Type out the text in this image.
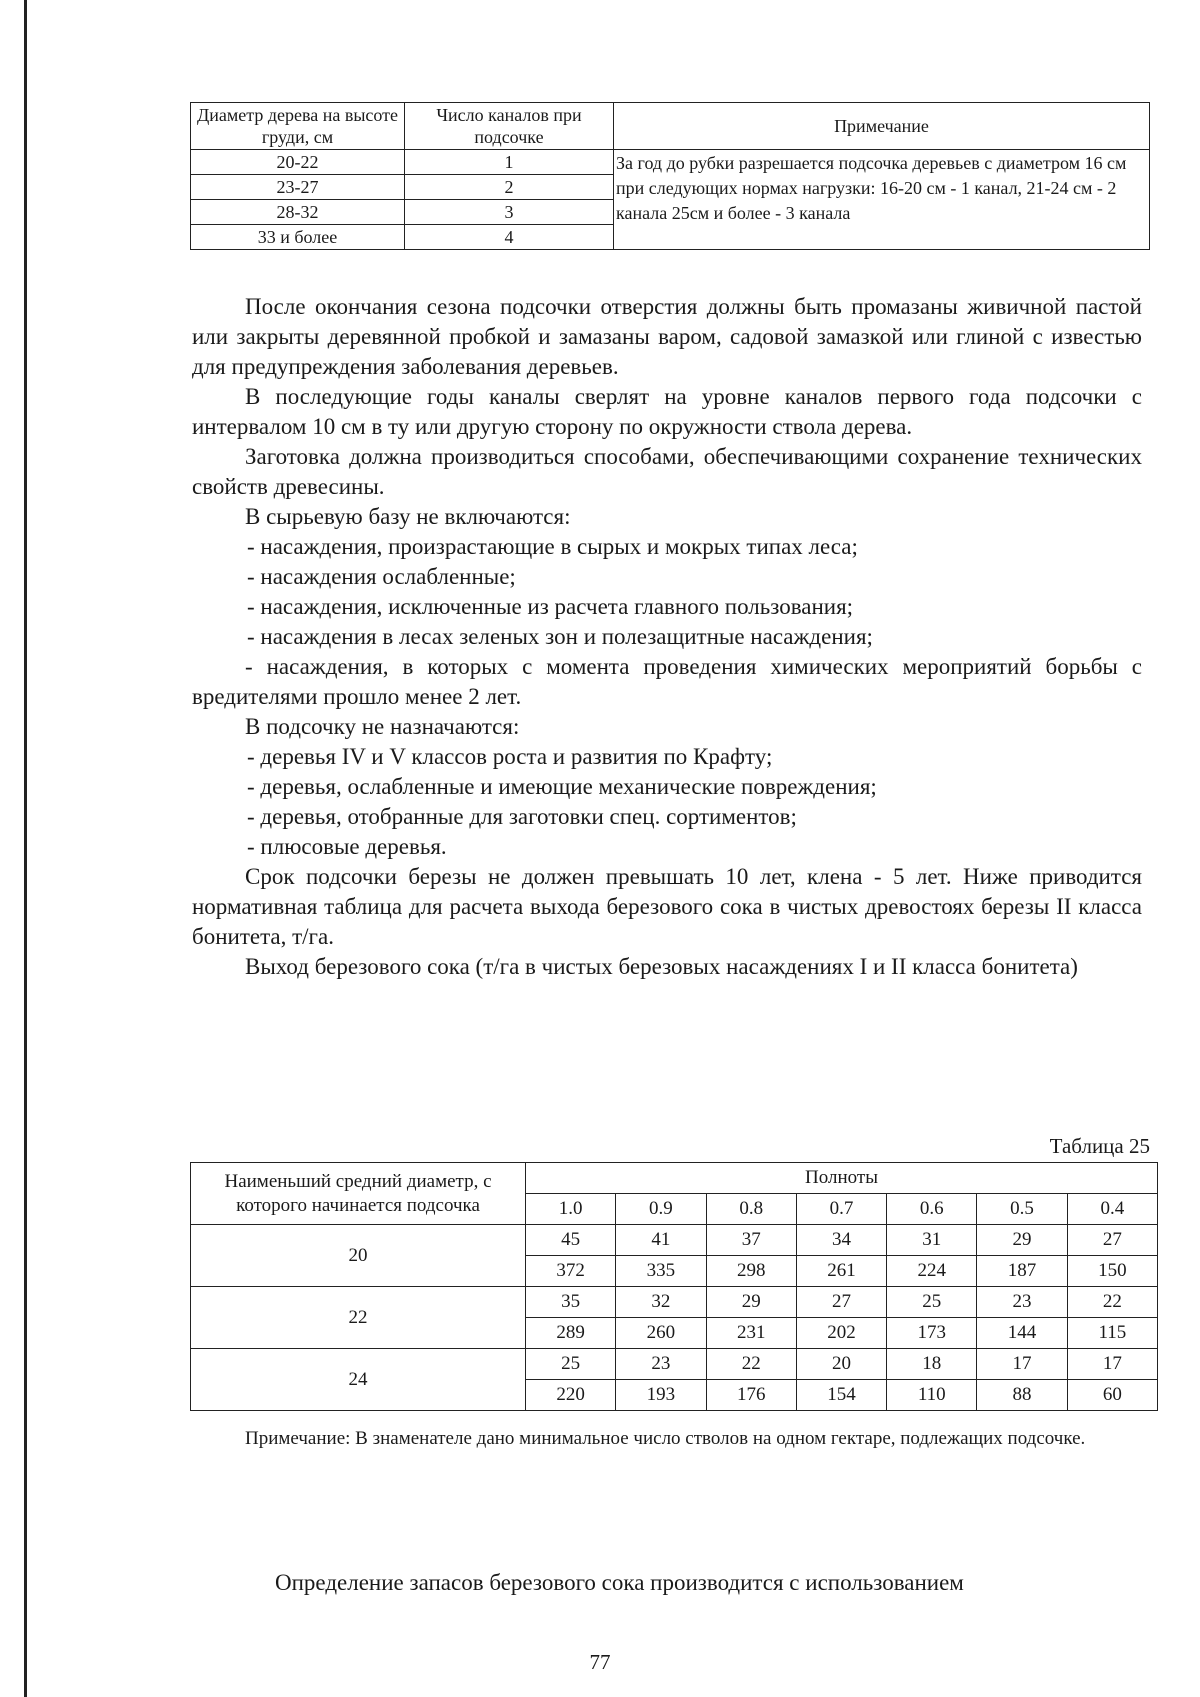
Диаметр дерева на высоте груди, см	Число каналов при подсочке	Примечание
20-22	1	За год до рубки разрешается подсочка деревьев с диаметром 16 см при следующих нормах нагрузки: 16-20 см - 1 канал, 21-24 см - 2 канала 25см и более - 3 канала
23-27	2	
28-32	3	
33 и более	4	

После окончания сезона подсочки отверстия должны быть промазаны живичной пастой или закрыты деревянной пробкой и замазаны варом, садовой замазкой или глиной с известью для предупреждения заболевания деревьев.

В последующие годы каналы сверлят на уровне каналов первого года подсочки с интервалом 10 см в ту или другую сторону по окружности ствола дерева.

Заготовка должна производиться способами, обеспечивающими сохранение технических свойств древесины.

В сырьевую базу не включаются:

- насаждения, произрастающие в сырых и мокрых типах леса;

- насаждения ослабленные;

- насаждения, исключенные из расчета главного пользования;

- насаждения в лесах зеленых зон и полезащитные насаждения;

- насаждения, в которых с момента проведения химических мероприятий борьбы с вредителями прошло менее 2 лет.

В подсочку не назначаются:

- деревья IV и V классов роста и развития по Крафту;

- деревья, ослабленные и имеющие механические повреждения;

- деревья, отобранные для заготовки спец. сортиментов;

- плюсовые деревья.

Срок подсочки березы не должен превышать 10 лет, клена - 5 лет. Ниже приводится нормативная таблица для расчета выхода березового сока в чистых древостоях березы II класса бонитета, т/га.

Выход березового сока (т/га в чистых березовых насаждениях I и II класса бонитета)

Таблица 25
Наименьший средний диаметр, с которого начинается подсочка	Полноты						
	1.0	0.9	0.8	0.7	0.6	0.5	0.4
20	45	41	37	34	31	29	27
	372	335	298	261	224	187	150
22	35	32	29	27	25	23	22
	289	260	231	202	173	144	115
24	25	23	22	20	18	17	17
	220	193	176	154	110	88	60

Примечание: В знаменателе дано минимальное число стволов на одном гектаре, подлежащих подсочке.

Определение запасов березового сока производится с использованием
77
